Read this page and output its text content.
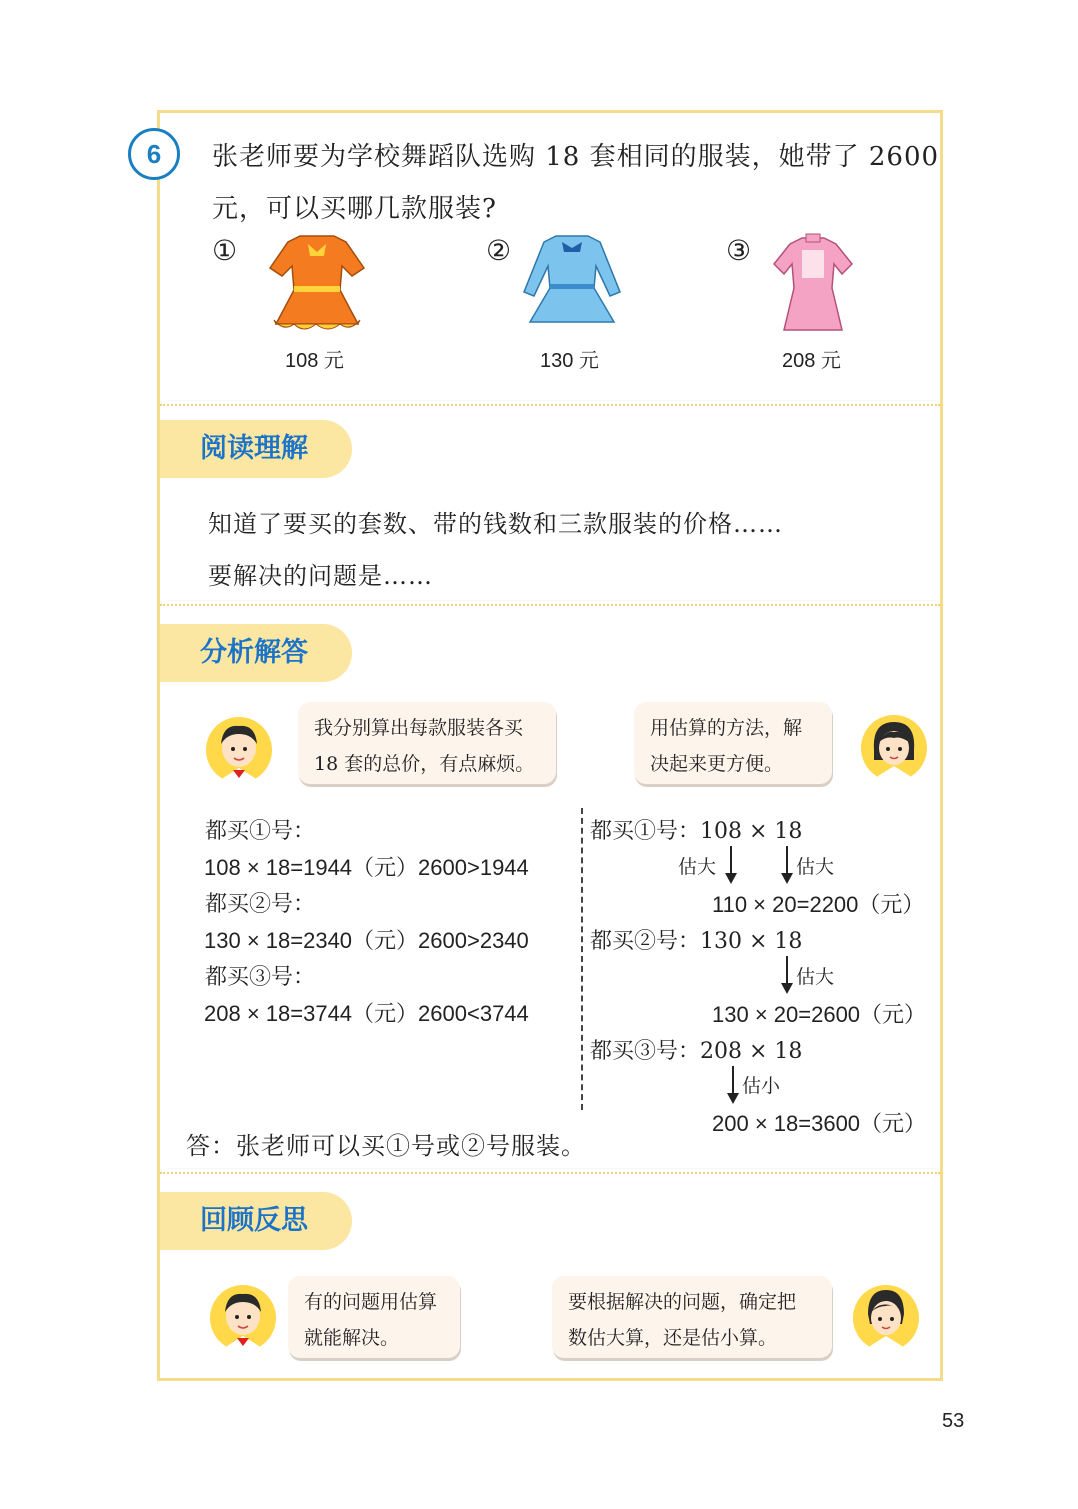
6	张老师要为学校舞蹈队选购 18 套相同的服装，她带了 2600
元，可以买哪几款服装?
①
108 元
②
130 元
③
208 元
阅读理解
知道了要买的套数、带的钱数和三款服装的价格……
要解决的问题是……
分析解答
我分别算出每款服装各买
18 套的总价，有点麻烦。
用估算的方法，解
决起来更方便。
都买①号：
108 × 18=1944（元）2600>1944
都买②号：
130 × 18=2340（元）2600>2340
都买③号：
208 × 18=3744（元）2600<3744
都买①号：108 × 18
估大	估大
110 × 20=2200（元）
都买②号：130 × 18
估大
130 × 20=2600（元）
都买③号：208 × 18
估小
200 × 18=3600（元）
答：张老师可以买①号或②号服装。
回顾反思
有的问题用估算
就能解决。
要根据解决的问题，确定把
数估大算，还是估小算。
53
